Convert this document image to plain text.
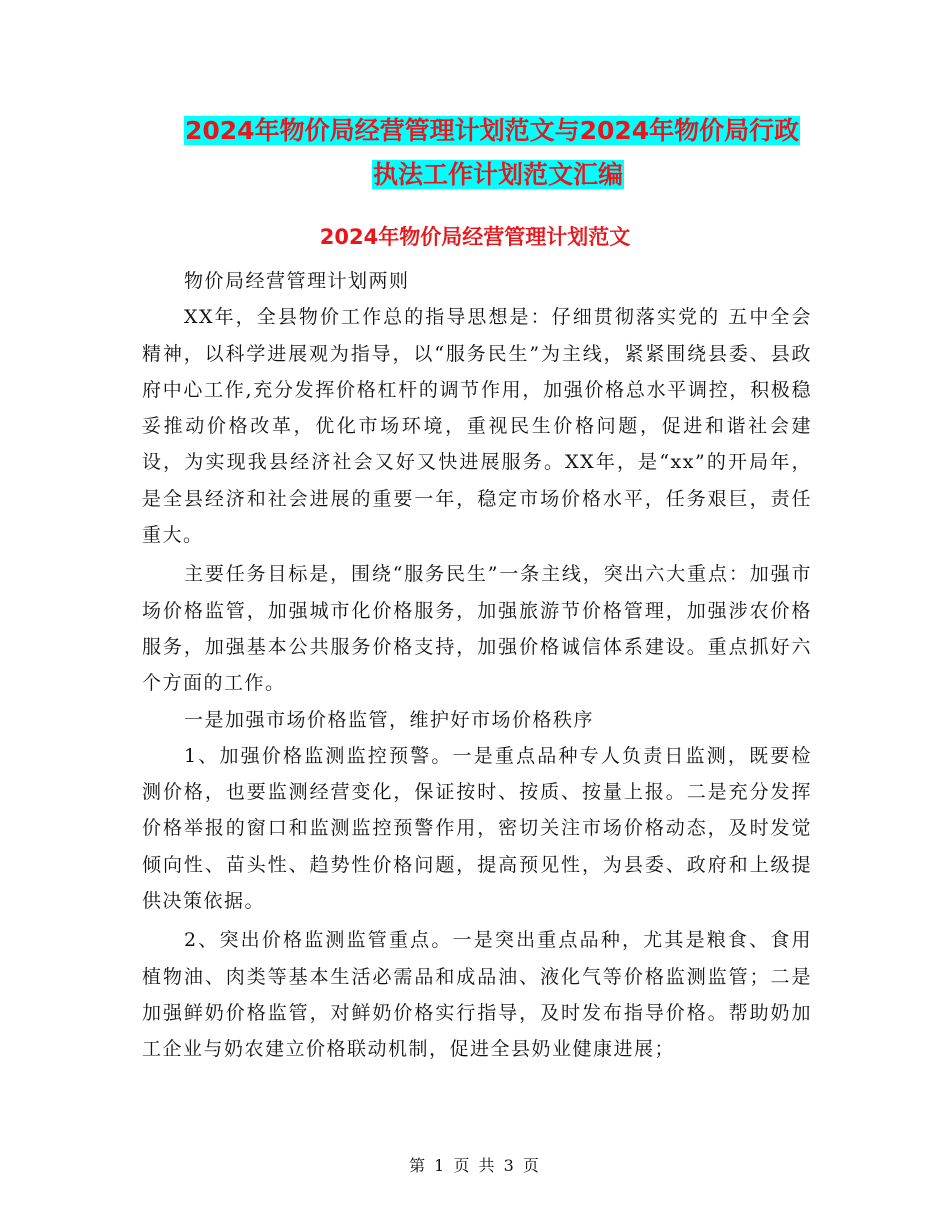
2024年物价局经营管理计划范文与2024年物价局行政
执法工作计划范文汇编
2024年物价局经营管理计划范文

物价局经营管理计划两则

XX年，全县物价工作总的指导思想是：仔细贯彻落实党的 五中全会精神，以科学进展观为指导，以“服务民生”为主线，紧紧围绕县委、县政府中心工作,充分发挥价格杠杆的调节作用，加强价格总水平调控，积极稳妥推动价格改革，优化市场环境，重视民生价格问题，促进和谐社会建设，为实现我县经济社会又好又快进展服务。XX年，是“xx”的开局年，是全县经济和社会进展的重要一年，稳定市场价格水平，任务艰巨，责任重大。

主要任务目标是，围绕“服务民生”一条主线，突出六大重点：加强市场价格监管，加强城市化价格服务，加强旅游节价格管理，加强涉农价格服务，加强基本公共服务价格支持，加强价格诚信体系建设。重点抓好六个方面的工作。

一是加强市场价格监管，维护好市场价格秩序

1、加强价格监测监控预警。一是重点品种专人负责日监测，既要检测价格，也要监测经营变化，保证按时、按质、按量上报。二是充分发挥价格举报的窗口和监测监控预警作用，密切关注市场价格动态，及时发觉倾向性、苗头性、趋势性价格问题，提高预见性，为县委、政府和上级提供决策依据。

2、突出价格监测监管重点。一是突出重点品种，尤其是粮食、食用植物油、肉类等基本生活必需品和成品油、液化气等价格监测监管；二是加强鲜奶价格监管，对鲜奶价格实行指导，及时发布指导价格。帮助奶加工企业与奶农建立价格联动机制，促进全县奶业健康进展；

第 1 页 共 3 页
